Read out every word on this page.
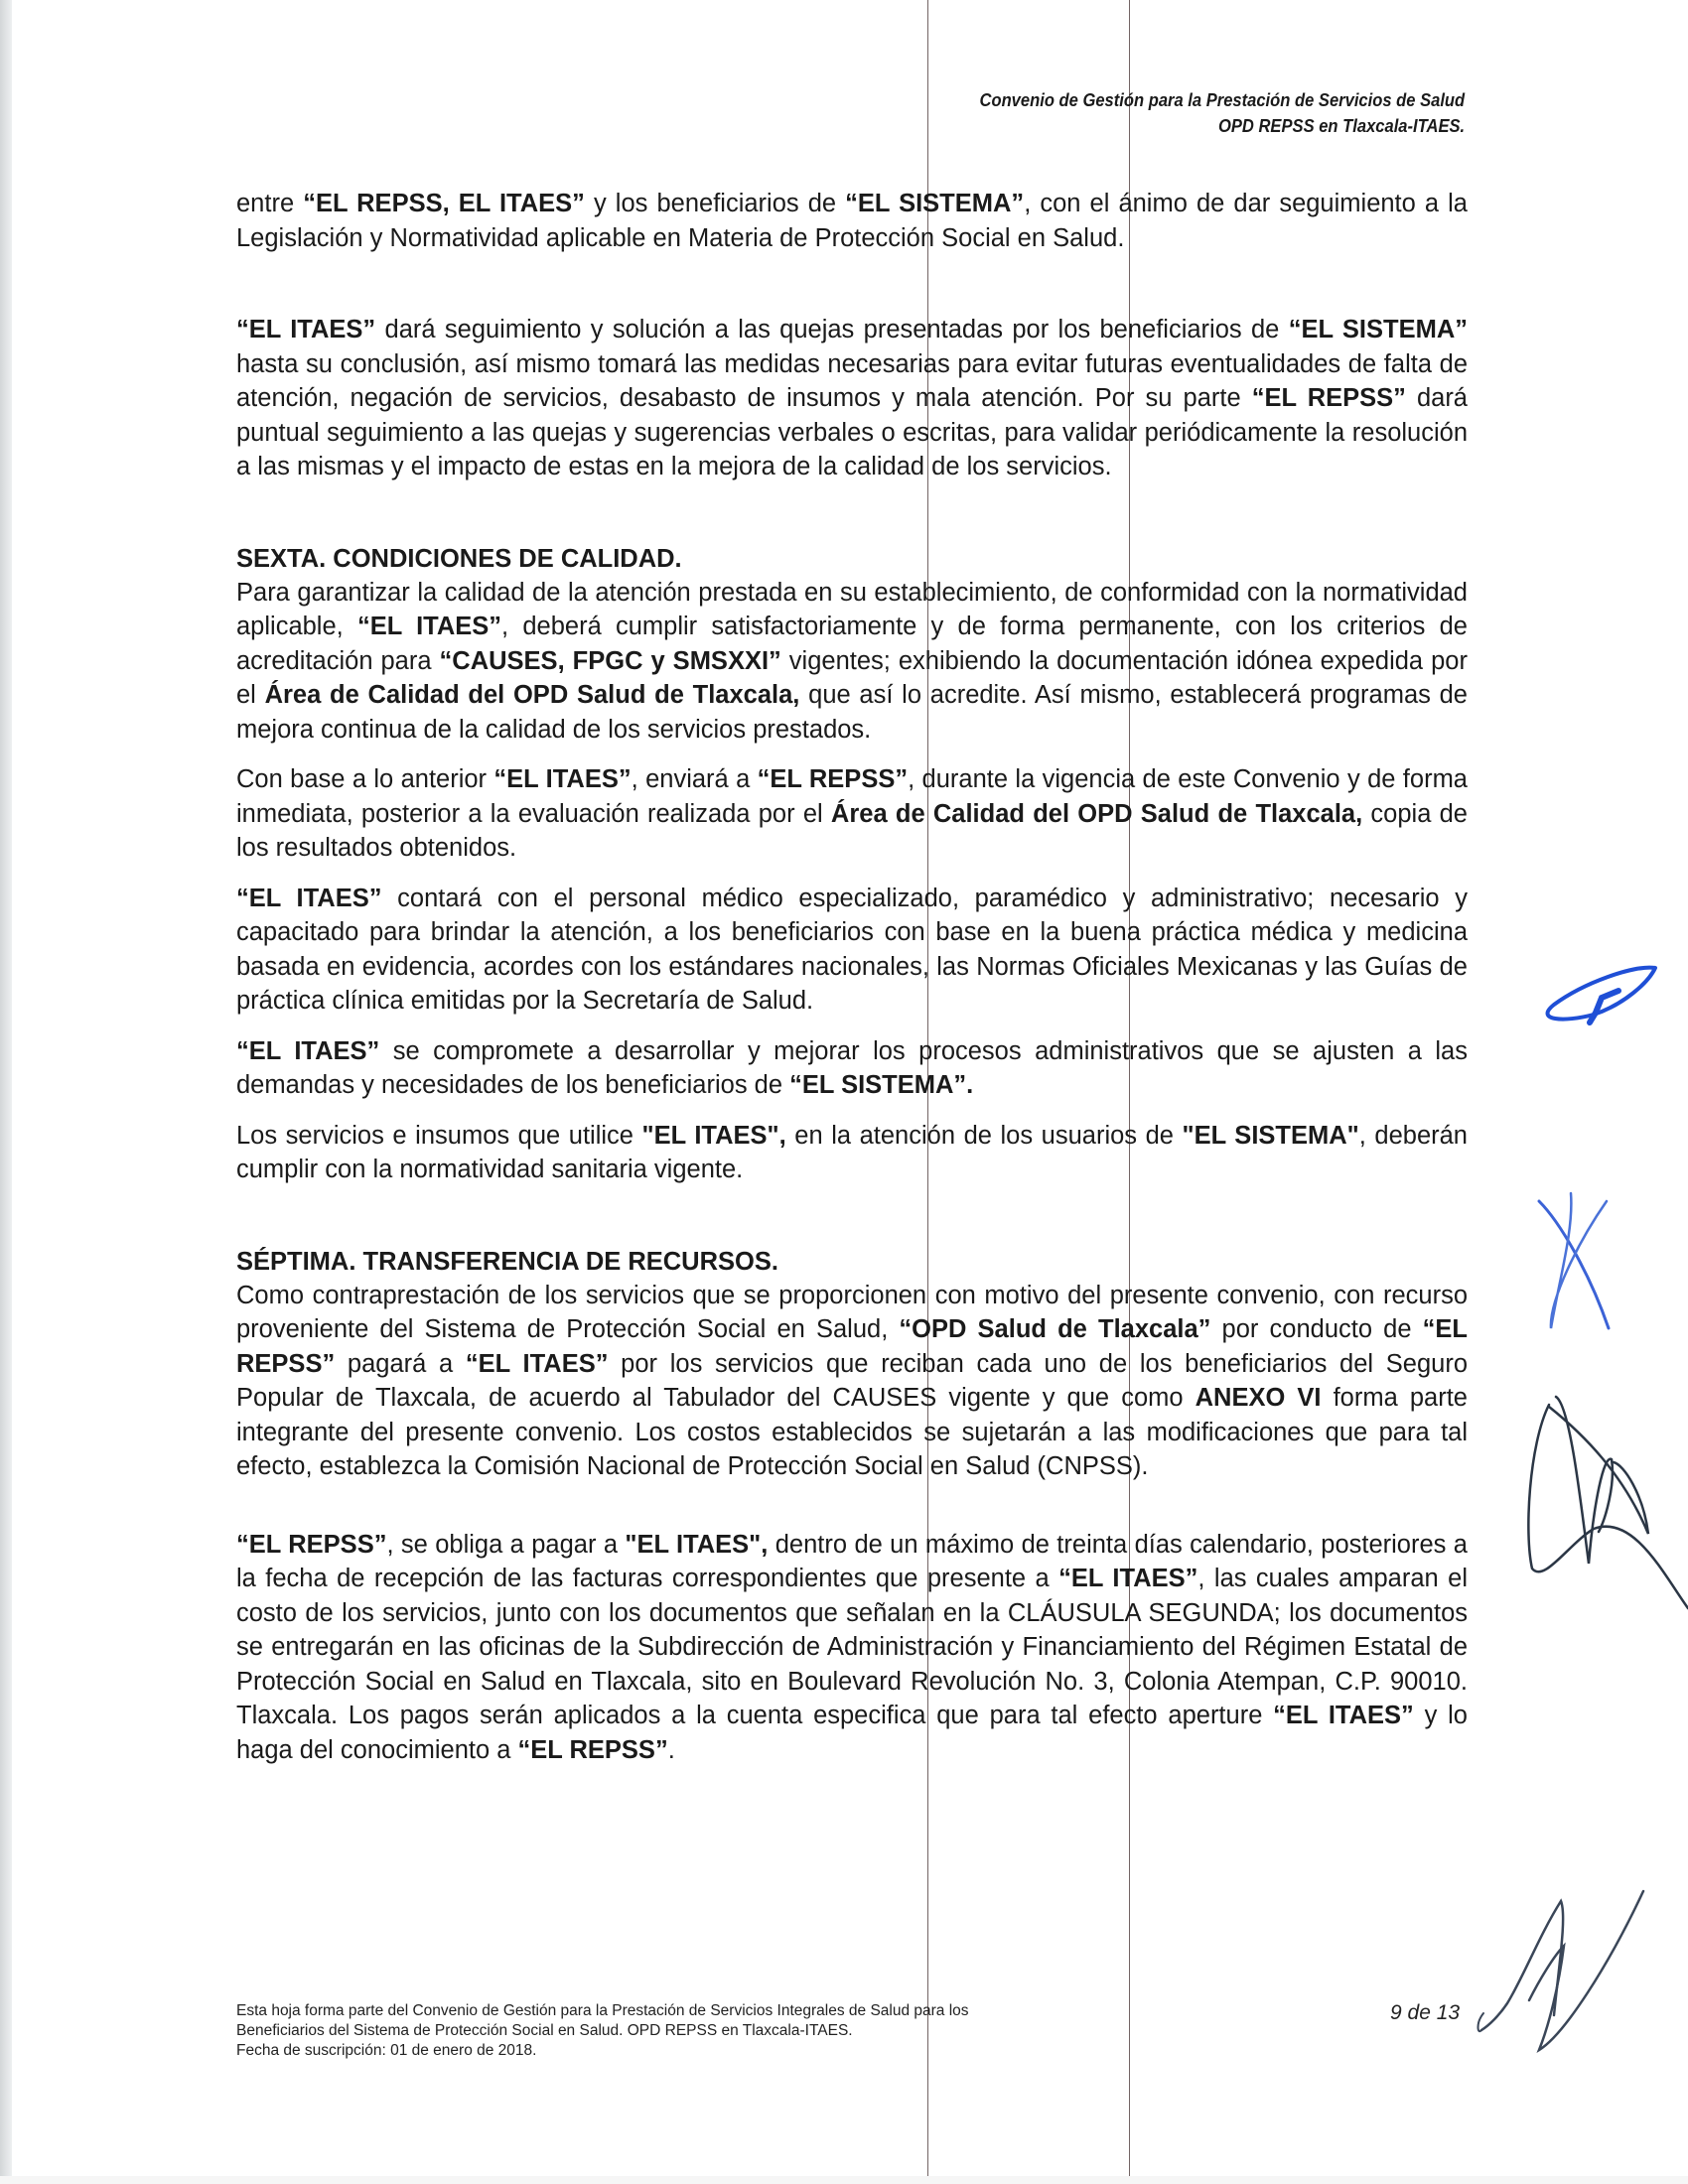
Convenio de Gestión para la Prestación de Servicios de Salud
OPD REPSS en Tlaxcala-ITAES.

entre “EL REPSS, EL ITAES” y los beneficiarios de “EL SISTEMA”, con el ánimo de dar seguimiento a la Legislación y Normatividad aplicable en Materia de Protección Social en Salud.

“EL ITAES” dará seguimiento y solución a las quejas presentadas por los beneficiarios de “EL SISTEMA” hasta su conclusión, así mismo tomará las medidas necesarias para evitar futuras eventualidades de falta de atención, negación de servicios, desabasto de insumos y mala atención. Por su parte “EL REPSS” dará puntual seguimiento a las quejas y sugerencias verbales o escritas, para validar periódicamente la resolución a las mismas y el impacto de estas en la mejora de la calidad de los servicios.

SEXTA. CONDICIONES DE CALIDAD.

Para garantizar la calidad de la atención prestada en su establecimiento, de conformidad con la normatividad aplicable, “EL ITAES”, deberá cumplir satisfactoriamente y de forma permanente, con los criterios de acreditación para “CAUSES, FPGC y SMSXXI” vigentes; exhibiendo la documentación idónea expedida por el Área de Calidad del OPD Salud de Tlaxcala, que así lo acredite. Así mismo, establecerá programas de mejora continua de la calidad de los servicios prestados.

Con base a lo anterior “EL ITAES”, enviará a “EL REPSS”, durante la vigencia de este Convenio y de forma inmediata, posterior a la evaluación realizada por el Área de Calidad del OPD Salud de Tlaxcala, copia de los resultados obtenidos.

“EL ITAES” contará con el personal médico especializado, paramédico y administrativo; necesario y capacitado para brindar la atención, a los beneficiarios con base en la buena práctica médica y medicina basada en evidencia, acordes con los estándares nacionales, las Normas Oficiales Mexicanas y las Guías de práctica clínica emitidas por la Secretaría de Salud.

“EL ITAES” se compromete a desarrollar y mejorar los procesos administrativos que se ajusten a las demandas y necesidades de los beneficiarios de “EL SISTEMA”.

Los servicios e insumos que utilice "EL ITAES", en la atención de los usuarios de "EL SISTEMA", deberán cumplir con la normatividad sanitaria vigente.

SÉPTIMA. TRANSFERENCIA DE RECURSOS.

Como contraprestación de los servicios que se proporcionen con motivo del presente convenio, con recurso proveniente del Sistema de Protección Social en Salud, “OPD Salud de Tlaxcala” por conducto de “EL REPSS” pagará a “EL ITAES” por los servicios que reciban cada uno de los beneficiarios del Seguro Popular de Tlaxcala, de acuerdo al Tabulador del CAUSES vigente y que como ANEXO VI forma parte integrante del presente convenio. Los costos establecidos se sujetarán a las modificaciones que para tal efecto, establezca la Comisión Nacional de Protección Social en Salud (CNPSS).

“EL REPSS”, se obliga a pagar a "EL ITAES", dentro de un máximo de treinta días calendario, posteriores a la fecha de recepción de las facturas correspondientes que presente a “EL ITAES”, las cuales amparan el costo de los servicios, junto con los documentos que señalan en la CLÁUSULA SEGUNDA; los documentos se entregarán en las oficinas de la Subdirección de Administración y Financiamiento del Régimen Estatal de Protección Social en Salud en Tlaxcala, sito en Boulevard Revolución No. 3, Colonia Atempan, C.P. 90010. Tlaxcala. Los pagos serán aplicados a la cuenta especifica que para tal efecto aperture “EL ITAES” y lo haga del conocimiento a “EL REPSS”.

Esta hoja forma parte del Convenio de Gestión para la Prestación de Servicios Integrales de Salud para los
Beneficiarios del Sistema de Protección Social en Salud. OPD REPSS en Tlaxcala-ITAES.
Fecha de suscripción: 01 de enero de 2018.
9 de 13
